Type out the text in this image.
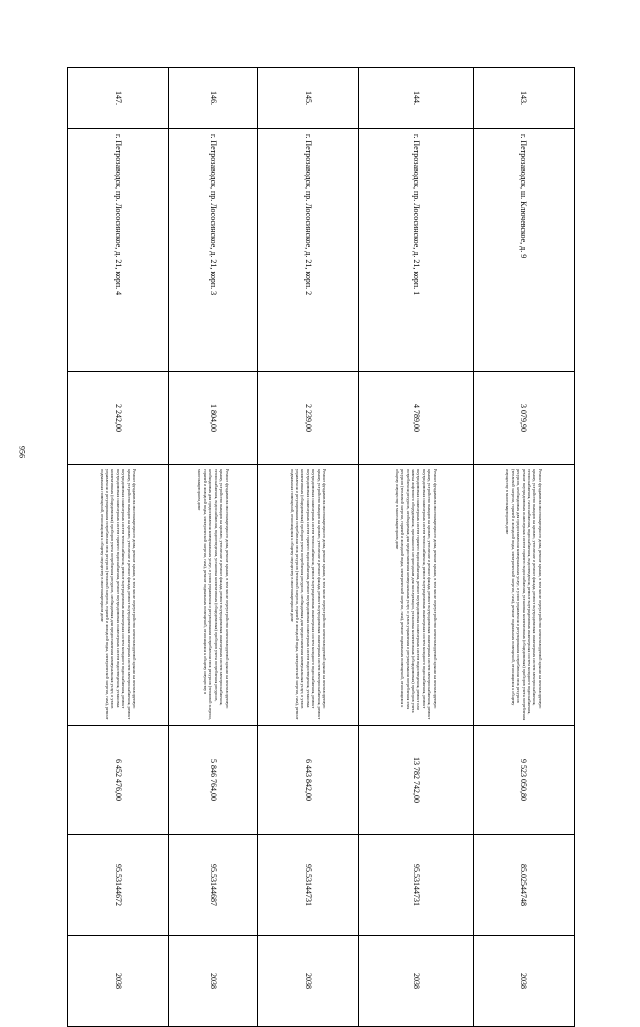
956
143.	г. Петрозаводск, ш. Ключевское, д. 9	3 079,90	Ремонт фундамента многоквартирного дома, ремонт крыши, в том числе переустройство невентилируемой крыши на вентилируемую крышу, устройство выходов на кровлю, утепление и ремонт фасада, ремонт внутридомовых инженерных систем электроснабжения, теплоснабжения, газоснабжения, водоснабжения, водоотведения, ремонт внутридомовых инженерных систем холодного водоснабжения, ремонт внутридомовых инженерных систем горячего водоснабжения, установка коллективных (общедомовых) приборов учета потребления ресурсов, необходимых для предоставления коммунальных услуг, и узлов управления и регулирования потребления этих ресурсов (тепловой энергии, горячей и холодной воды, электрической энергии, газа), ремонт подвальных помещений, относящихся к общему имуществу в многоквартирном доме	9 523 050,80	85.02544748	2038
144.	г. Петрозаводск, пр. Лососинское, д. 21, корп. 1	4 789,00	Ремонт фундамента многоквартирного дома, ремонт крыши, в том числе переустройство невентилируемой крыши на вентилируемую крышу, устройство выходов на кровлю, утепление и ремонт фасада, ремонт внутридомовых инженерных систем электроснабжения, ремонт внутридомовых инженерных систем теплоснабжения, ремонт внутридомовых инженерных систем холодного водоснабжения, ремонт внутридомовых инженерных систем горячего водоснабжения, ремонт внутридомовых инженерных систем водоотведения, ремонт или замена лифтового оборудования, признанного непригодным для эксплуатации, установка коллективных (общедомовых) приборов учета потребления ресурсов, необходимых для предоставления коммунальных услуг, и узлов управления и регулирования потребления этих ресурсов (тепловой энергии, горячей и холодной воды, электрической энергии, газа), ремонт подвальных помещений, относящихся к общему имуществу в многоквартирном доме	13 782 742,00	95.53144731	2038
145.	г. Петрозаводск, пр. Лососинское, д. 21, корп. 2	2 239,00	Ремонт фундамента многоквартирного дома, ремонт крыши, в том числе переустройство невентилируемой крыши на вентилируемую крышу, устройство выходов на кровлю, утепление и ремонт фасада, ремонт внутридомовых инженерных систем электроснабжения, ремонт внутридомовых инженерных систем теплоснабжения, ремонт внутридомовых инженерных систем холодного водоснабжения, ремонт внутридомовых инженерных систем горячего водоснабжения, ремонт внутридомовых инженерных систем водоотведения, установка коллективных (общедомовых) приборов учета потребления ресурсов, необходимых для предоставления коммунальных услуг, и узлов управления и регулирования потребления этих ресурсов (тепловой энергии, горячей и холодной воды, электрической энергии, газа), ремонт подвальных помещений, относящихся к общему имуществу в многоквартирном доме	6 443 842,00	95.53144731	2038
146.	г. Петрозаводск, пр. Лососинское, д. 21, корп. 3	1 804,00	Ремонт фундамента многоквартирного дома, ремонт крыши, в том числе переустройство невентилируемой крыши на вентилируемую крышу, устройство выходов на кровлю, утепление и ремонт фасада, ремонт внутридомовых инженерных систем электроснабжения, теплоснабжения, водоснабжения, водоотведения, установка коллективных (общедомовых) приборов учета потребления ресурсов, необходимых для предоставления коммунальных услуг, и узлов управления и регулирования потребления этих ресурсов (тепловой энергии, горячей и холодной воды, электрической энергии, газа), ремонт подвальных помещений, относящихся к общему имуществу в многоквартирном доме	5 846 764,00	95.53144687	2038
147.	г. Петрозаводск, пр. Лососинское, д. 21, корп. 4	2 242,00	Ремонт фундамента многоквартирного дома, ремонт крыши, в том числе переустройство невентилируемой крыши на вентилируемую крышу, устройство выходов на кровлю, утепление и ремонт фасада, ремонт внутридомовых инженерных систем электроснабжения, ремонт внутридомовых инженерных систем теплоснабжения, ремонт внутридомовых инженерных систем холодного водоснабжения, ремонт внутридомовых инженерных систем горячего водоснабжения, ремонт внутридомовых инженерных систем водоотведения, установка коллективных (общедомовых) приборов учета потребления ресурсов, необходимых для предоставления коммунальных услуг, и узлов управления и регулирования потребления этих ресурсов (тепловой энергии, горячей и холодной воды, электрической энергии, газа), ремонт подвальных помещений, относящихся к общему имуществу в многоквартирном доме	6 452 476,00	95.53144672	2038
